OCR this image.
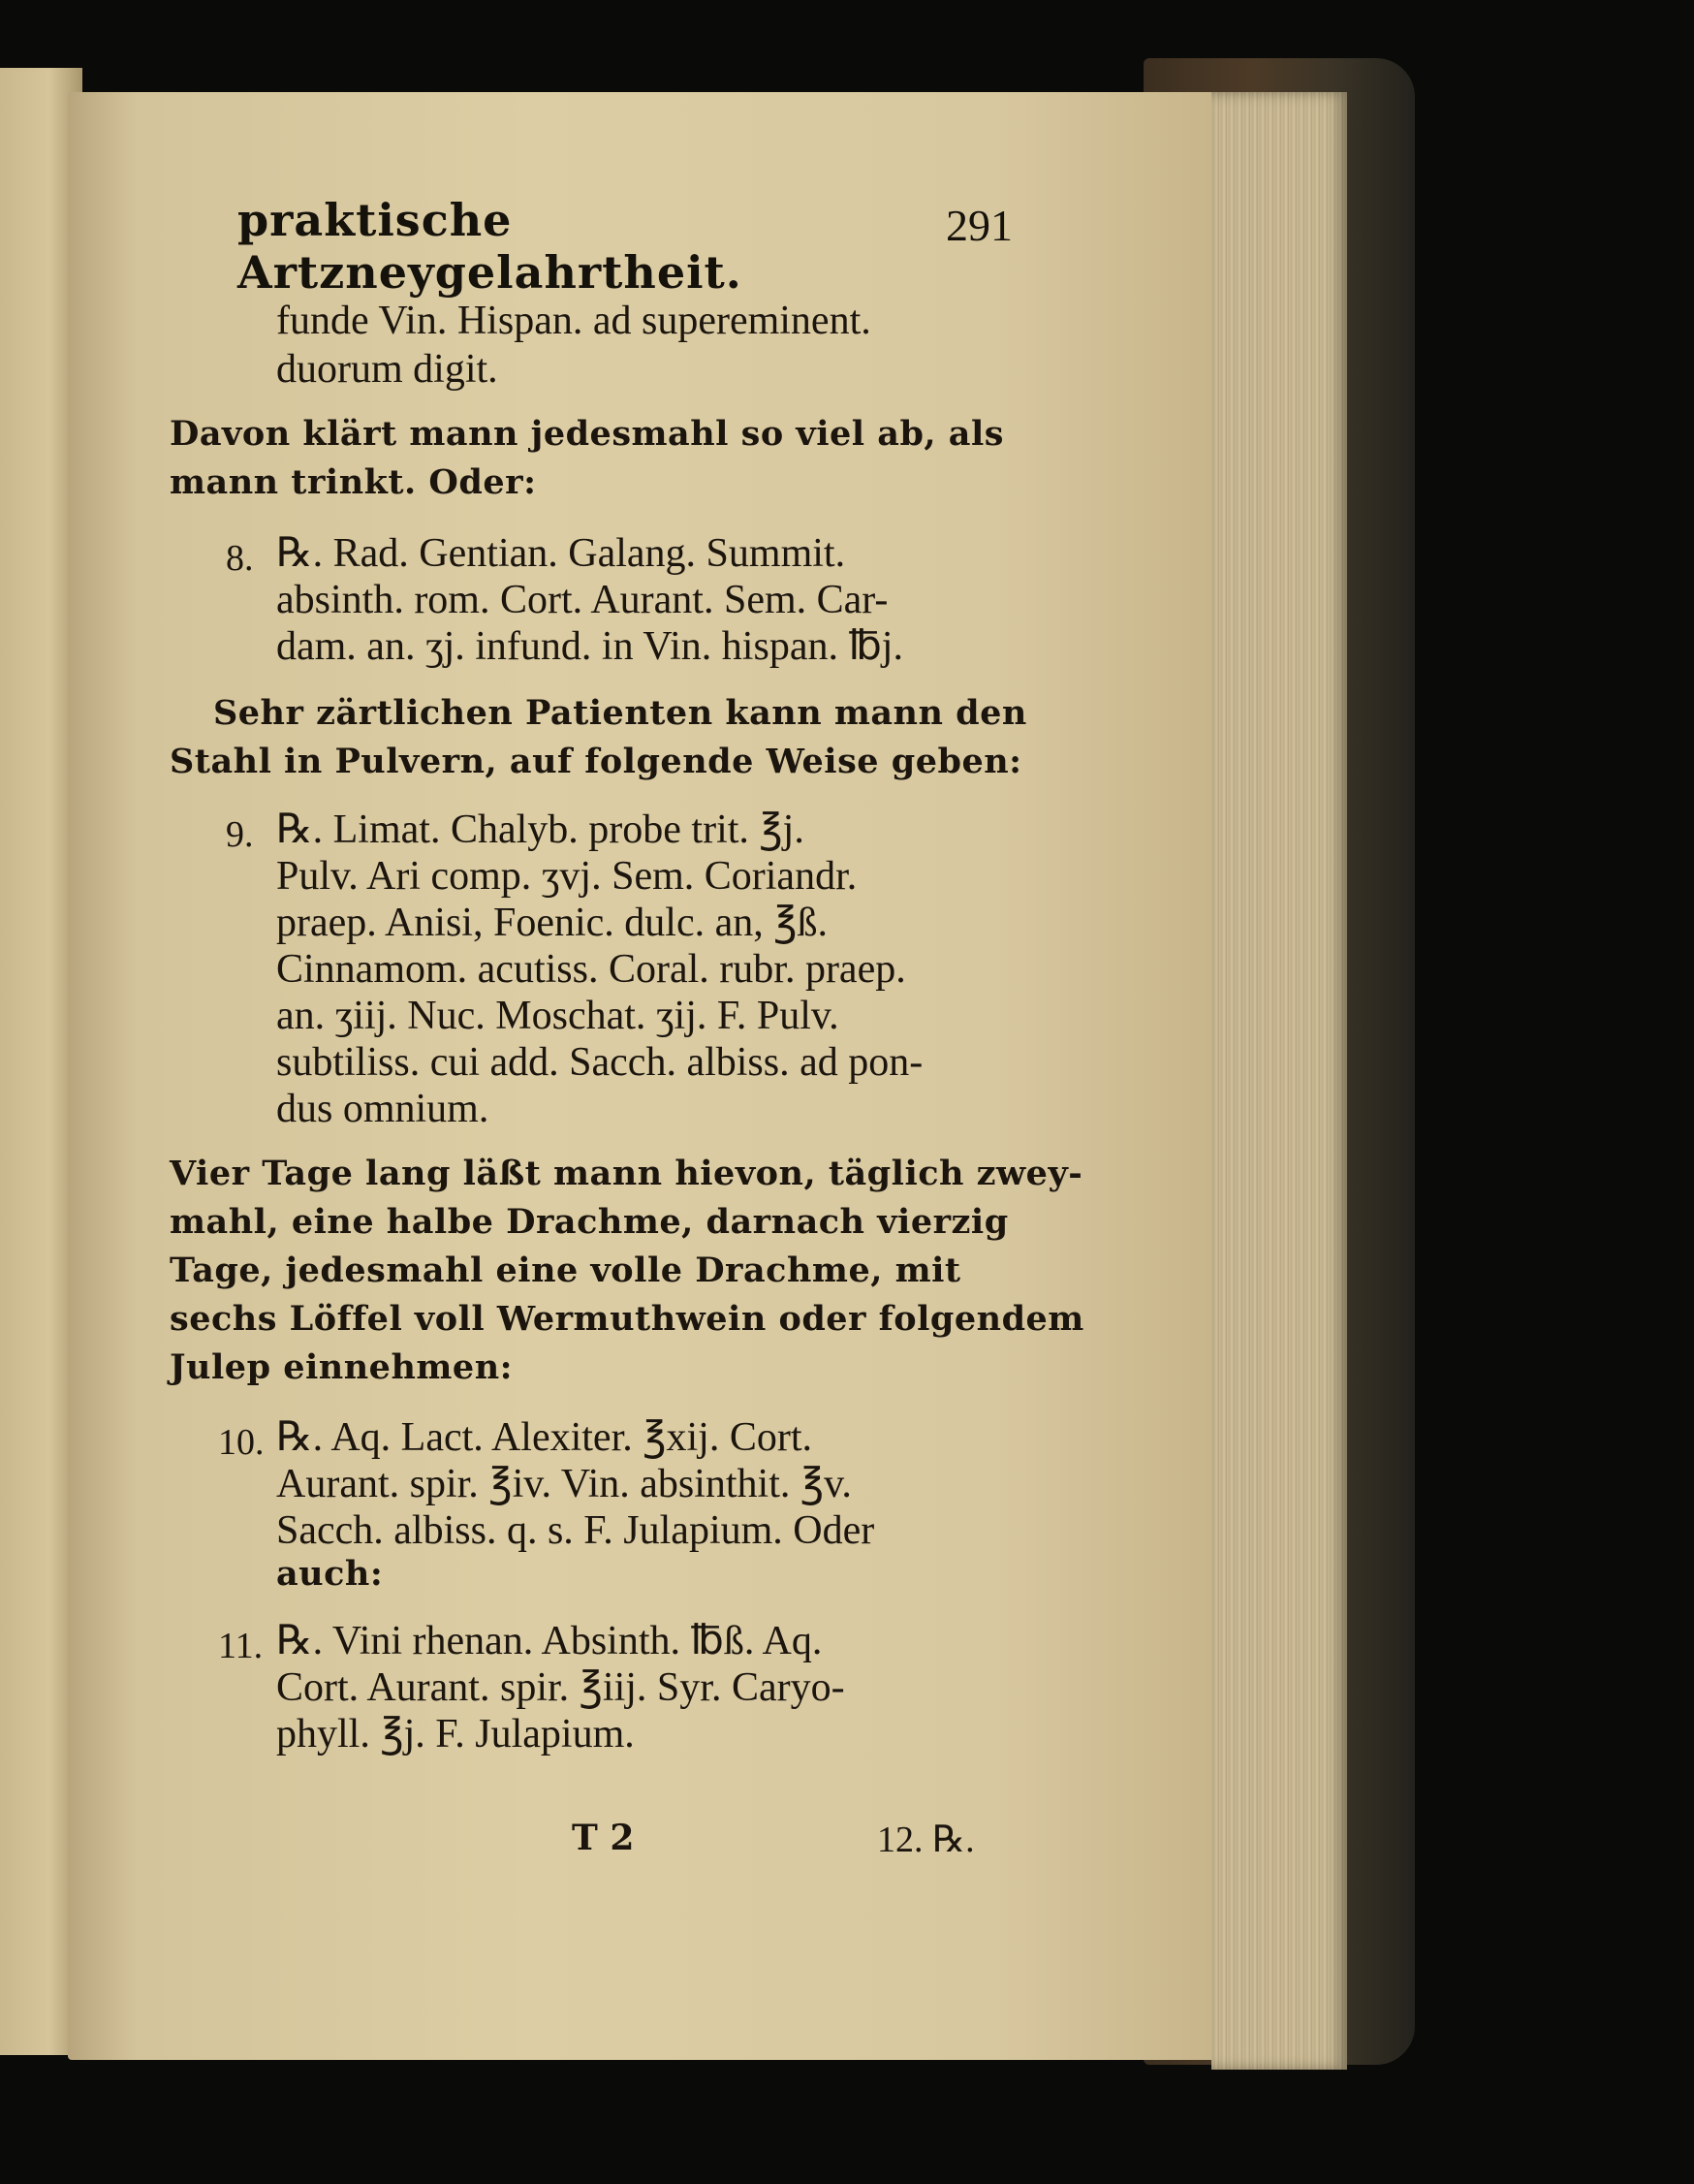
praktische Artzneygelahrtheit.
291
funde Vin. Hispan. ad supereminent.
duorum digit.
Davon klärt mann jedesmahl so viel ab, als
mann trinkt. Oder:
℞. Rad. Gentian. Galang. Summit.
8.
absinth. rom. Cort. Aurant. Sem. Car-
dam. an. ʒj. infund. in Vin. hispan. ℔j.
Sehr zärtlichen Patienten kann mann den
Stahl in Pulvern, auf folgende Weise geben:
℞. Limat. Chalyb. probe trit. ℥j.
9.
Pulv. Ari comp. ʒvj. Sem. Coriandr.
praep. Anisi, Foenic. dulc. an, ℥ß.
Cinnamom. acutiss. Coral. rubr. praep.
an. ʒiij. Nuc. Moschat. ʒij. F. Pulv.
subtiliss. cui add. Sacch. albiss. ad pon-
dus omnium.
Vier Tage lang läßt mann hievon, täglich zwey-
mahl, eine halbe Drachme, darnach vierzig
Tage, jedesmahl eine volle Drachme, mit
sechs Löffel voll Wermuthwein oder folgendem
Julep einnehmen:
℞. Aq. Lact. Alexiter. ℥xij. Cort.
10.
Aurant. spir. ℥iv. Vin. absinthit. ℥v.
Sacch. albiss. q. s. F. Julapium. Oder
auch:
℞. Vini rhenan. Absinth. ℔ß. Aq.
11.
Cort. Aurant. spir. ℥iij. Syr. Caryo-
phyll. ℥j. F. Julapium.
T 2	12. ℞.
